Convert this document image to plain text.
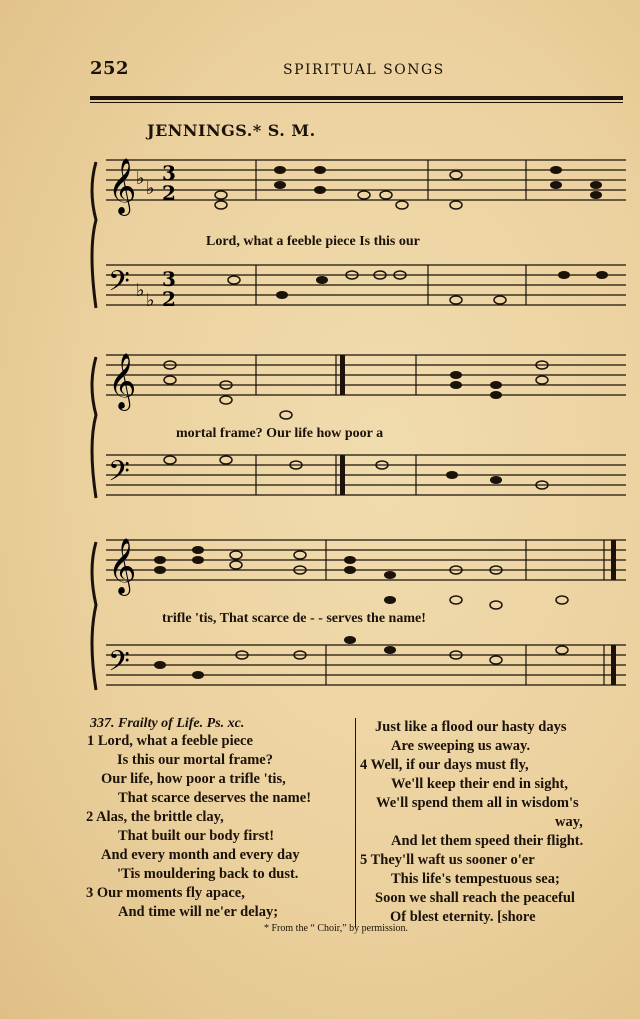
252	SPIRITUAL SONGS
JENNINGS.* S. M.
𝄞
𝄢
♭ ♭
♭ ♭
3
2
3
2
Lord, what a feeble piece Is this our
𝄞
𝄢
mortal frame? Our life how poor a
𝄞
𝄢
trifle 'tis, That scarce de - - serves the name!
337. Frailty of Life. Ps. xc.
1 Lord, what a feeble piece
Is this our mortal frame?
Our life, how poor a trifle 'tis,
That scarce deserves the name!
2 Alas, the brittle clay,
That built our body first!
And every month and every day
'Tis mouldering back to dust.
3 Our moments fly apace,
And time will ne'er delay;
Just like a flood our hasty days
Are sweeping us away.
4 Well, if our days must fly,
We'll keep their end in sight,
We'll spend them all in wisdom's
way,
And let them speed their flight.
5 They'll waft us sooner o'er
This life's tempestuous sea;
Soon we shall reach the peaceful
Of blest eternity. [shore
* From the “ Choir,” by permission.
